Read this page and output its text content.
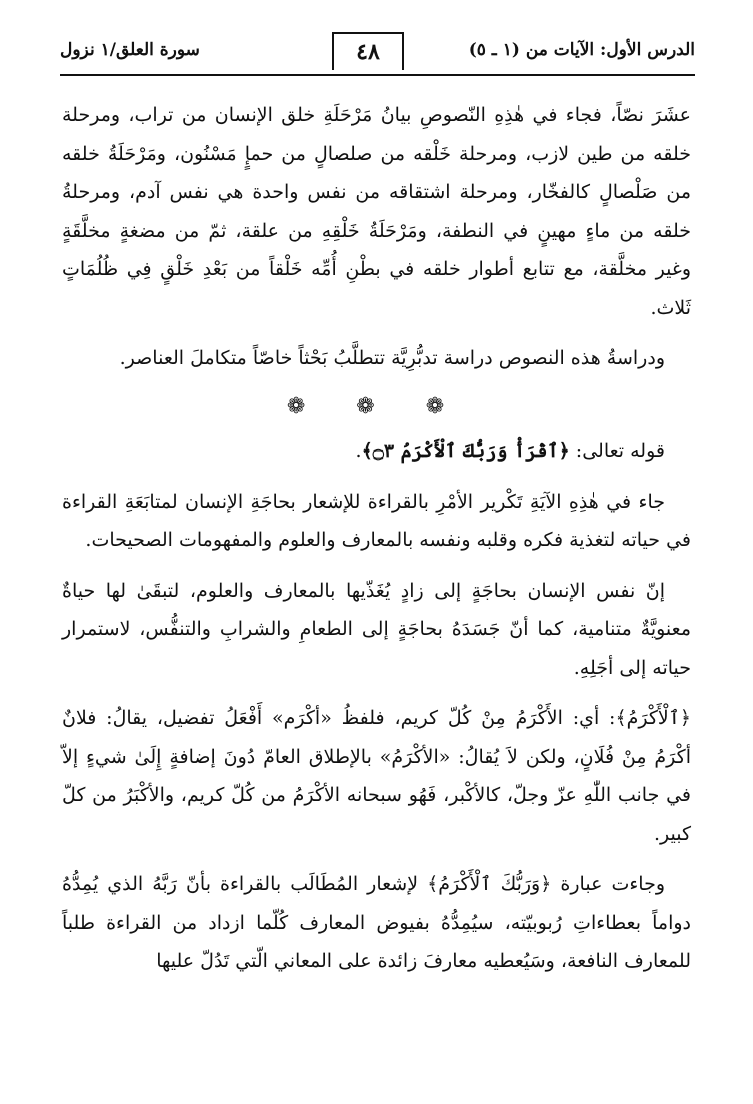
الدرس الأول: الآيات من (١ ـ ٥)
٤٨
سورة العلق/١ نزول

عشَرَ نصّاً، فجاء في هٰذِهِ النّصوصِ بيانُ مَرْحَلَةِ خلق الإنسان من تراب، ومرحلة خلقه من طين لازب، ومرحلة خَلْقه من صلصالٍ من حمإٍ مَسْنُون، ومَرْحَلَةُ خلقه من صَلْصالٍ كالفخّار، ومرحلة اشتقاقه من نفس واحدة هي نفس آدم، ومرحلةُ خلقه من ماءٍ مهينٍ في النطفة، ومَرْحَلَةُ خَلْقِهِ من علقة، ثمّ من مضغةٍ مخلَّقَةٍ وغير مخلَّقة، مع تتابع أطوار خلقه في بطْنِ أُمِّه خَلْقاً من بَعْدِ خَلْقٍ فِي ظُلُمَاتٍ ثَلاث.

ودراسةُ هذه النصوص دراسة تدبُّرِيَّة تتطلَّبُ بَحْثاً خاصّاً متكاملَ العناصر.

❁ ❁ ❁

قوله تعالى: ﴿ٱقْرَأْ وَرَبُّكَ ٱلْأَكْرَمُ ۝٣﴾.

جاء في هٰذِهِ الآيَةِ تَكْرير الأمْرِ بالقراءة للإشعار بحاجَةِ الإنسان لمتابَعَةِ القراءة في حياته لتغذية فكره وقلبه ونفسه بالمعارف والعلوم والمفهومات الصحيحات.

إنّ نفس الإنسان بحاجَةٍ إلى زادٍ يُغَذّيها بالمعارف والعلوم، لتبقَىٰ لها حياةٌ معنويَّةٌ متنامية، كما أنّ جَسَدَهُ بحاجَةٍ إلى الطعامِ والشرابِ والتنفُّس، لاستمرار حياته إلى أجَلِهِ.

﴿ٱلْأَكْرَمُ﴾: أي: الأَكْرَمُ مِنْ كُلّ كريم، فلفظُ «أكْرَم» أَفْعَلُ تفضيل، يقالُ: فلانٌ أكْرَمُ مِنْ فُلَانٍ، ولكن لاَ يُقالُ: «الأكْرَمُ» بالإطلاق العامّ دُونَ إضافةٍ إِلَىٰ شيءٍ إلاّ في جانب اللّٰهِ عزّ وجلّ، كالأكْبر، فَهُو سبحانه الأكْرَمُ من كُلّ كريم، والأكْبَرُ من كلّ كبير.

وجاءت عبارة ﴿وَرَبُّكَ ٱلْأَكْرَمُ﴾ لإشعار المُطَالَب بالقراءة بأنّ رَبَّهُ الذي يُمِدُّهُ دواماً بعطاءاتِ رُبوبيّته، سيُمِدُّهُ بفيوض المعارف كُلّما ازداد من القراءة طلباً للمعارف النافعة، وسَيُعطيه معارفَ زائدة على المعاني الّتي تَدُلّ عليها
